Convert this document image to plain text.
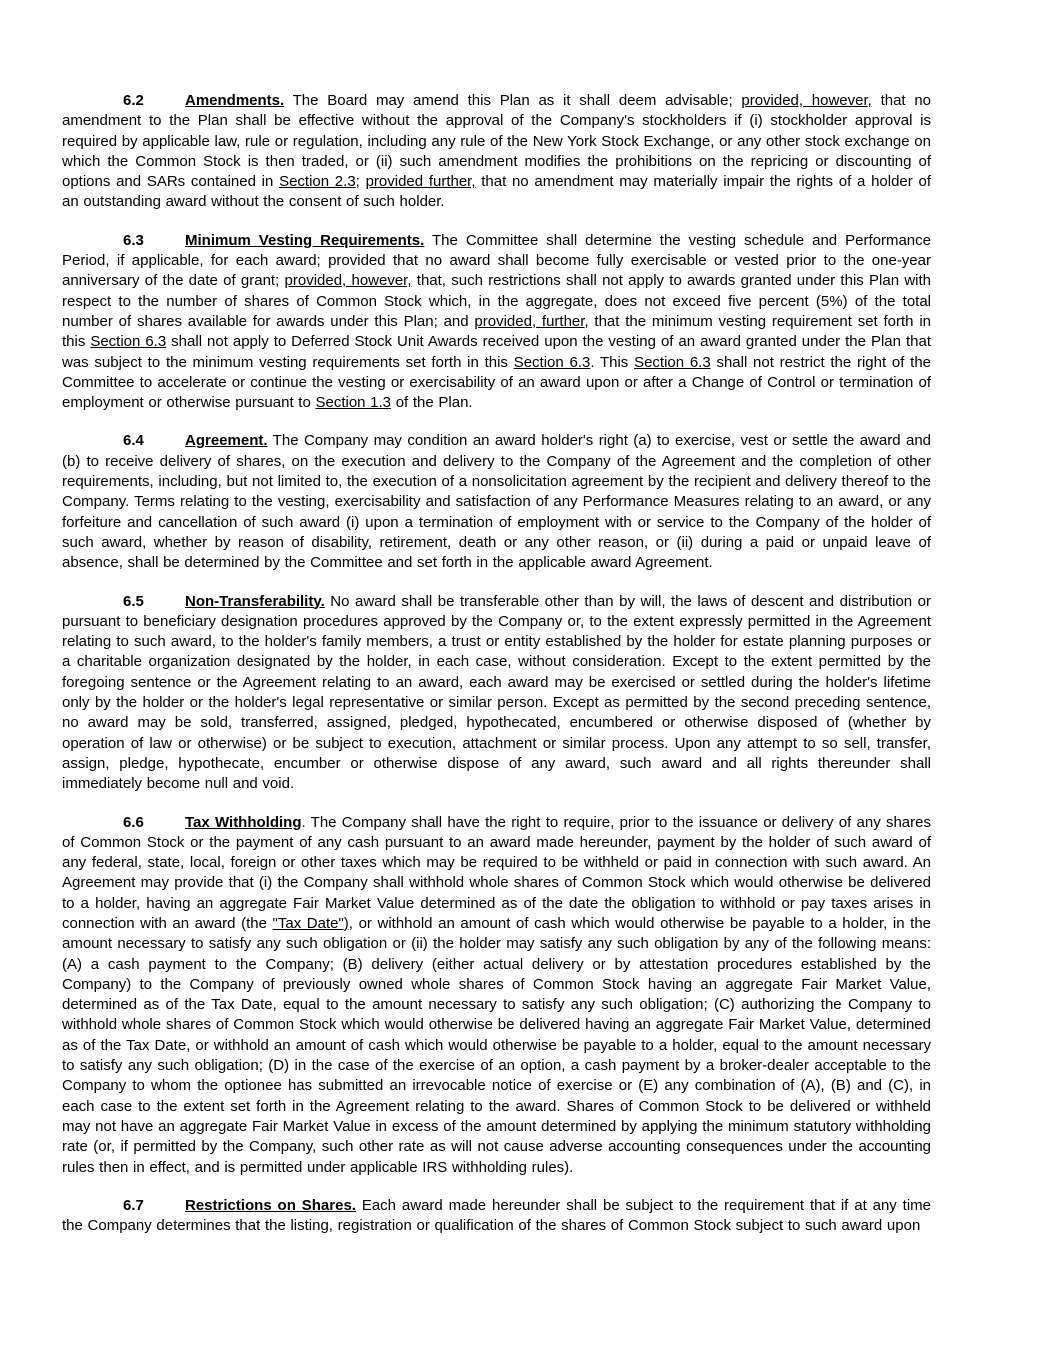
6.2	Amendments. The Board may amend this Plan as it shall deem advisable; provided, however, that no amendment to the Plan shall be effective without the approval of the Company's stockholders if (i) stockholder approval is required by applicable law, rule or regulation, including any rule of the New York Stock Exchange, or any other stock exchange on which the Common Stock is then traded, or (ii) such amendment modifies the prohibitions on the repricing or discounting of options and SARs contained in Section 2.3; provided further, that no amendment may materially impair the rights of a holder of an outstanding award without the consent of such holder.

6.3	Minimum Vesting Requirements. The Committee shall determine the vesting schedule and Performance Period, if applicable, for each award; provided that no award shall become fully exercisable or vested prior to the one-year anniversary of the date of grant; provided, however, that, such restrictions shall not apply to awards granted under this Plan with respect to the number of shares of Common Stock which, in the aggregate, does not exceed five percent (5%) of the total number of shares available for awards under this Plan; and provided, further, that the minimum vesting requirement set forth in this Section 6.3 shall not apply to Deferred Stock Unit Awards received upon the vesting of an award granted under the Plan that was subject to the minimum vesting requirements set forth in this Section 6.3. This Section 6.3 shall not restrict the right of the Committee to accelerate or continue the vesting or exercisability of an award upon or after a Change of Control or termination of employment or otherwise pursuant to Section 1.3 of the Plan.

6.4	Agreement. The Company may condition an award holder's right (a) to exercise, vest or settle the award and (b) to receive delivery of shares, on the execution and delivery to the Company of the Agreement and the completion of other requirements, including, but not limited to, the execution of a nonsolicitation agreement by the recipient and delivery thereof to the Company. Terms relating to the vesting, exercisability and satisfaction of any Performance Measures relating to an award, or any forfeiture and cancellation of such award (i) upon a termination of employment with or service to the Company of the holder of such award, whether by reason of disability, retirement, death or any other reason, or (ii) during a paid or unpaid leave of absence, shall be determined by the Committee and set forth in the applicable award Agreement.

6.5	Non-Transferability. No award shall be transferable other than by will, the laws of descent and distribution or pursuant to beneficiary designation procedures approved by the Company or, to the extent expressly permitted in the Agreement relating to such award, to the holder's family members, a trust or entity established by the holder for estate planning purposes or a charitable organization designated by the holder, in each case, without consideration. Except to the extent permitted by the foregoing sentence or the Agreement relating to an award, each award may be exercised or settled during the holder's lifetime only by the holder or the holder's legal representative or similar person. Except as permitted by the second preceding sentence, no award may be sold, transferred, assigned, pledged, hypothecated, encumbered or otherwise disposed of (whether by operation of law or otherwise) or be subject to execution, attachment or similar process. Upon any attempt to so sell, transfer, assign, pledge, hypothecate, encumber or otherwise dispose of any award, such award and all rights thereunder shall immediately become null and void.

6.6	Tax Withholding. The Company shall have the right to require, prior to the issuance or delivery of any shares of Common Stock or the payment of any cash pursuant to an award made hereunder, payment by the holder of such award of any federal, state, local, foreign or other taxes which may be required to be withheld or paid in connection with such award. An Agreement may provide that (i) the Company shall withhold whole shares of Common Stock which would otherwise be delivered to a holder, having an aggregate Fair Market Value determined as of the date the obligation to withhold or pay taxes arises in connection with an award (the "Tax Date"), or withhold an amount of cash which would otherwise be payable to a holder, in the amount necessary to satisfy any such obligation or (ii) the holder may satisfy any such obligation by any of the following means: (A) a cash payment to the Company; (B) delivery (either actual delivery or by attestation procedures established by the Company) to the Company of previously owned whole shares of Common Stock having an aggregate Fair Market Value, determined as of the Tax Date, equal to the amount necessary to satisfy any such obligation; (C) authorizing the Company to withhold whole shares of Common Stock which would otherwise be delivered having an aggregate Fair Market Value, determined as of the Tax Date, or withhold an amount of cash which would otherwise be payable to a holder, equal to the amount necessary to satisfy any such obligation; (D) in the case of the exercise of an option, a cash payment by a broker-dealer acceptable to the Company to whom the optionee has submitted an irrevocable notice of exercise or (E) any combination of (A), (B) and (C), in each case to the extent set forth in the Agreement relating to the award. Shares of Common Stock to be delivered or withheld may not have an aggregate Fair Market Value in excess of the amount determined by applying the minimum statutory withholding rate (or, if permitted by the Company, such other rate as will not cause adverse accounting consequences under the accounting rules then in effect, and is permitted under applicable IRS withholding rules).

6.7	Restrictions on Shares. Each award made hereunder shall be subject to the requirement that if at any time the Company determines that the listing, registration or qualification of the shares of Common Stock subject to such award upon
